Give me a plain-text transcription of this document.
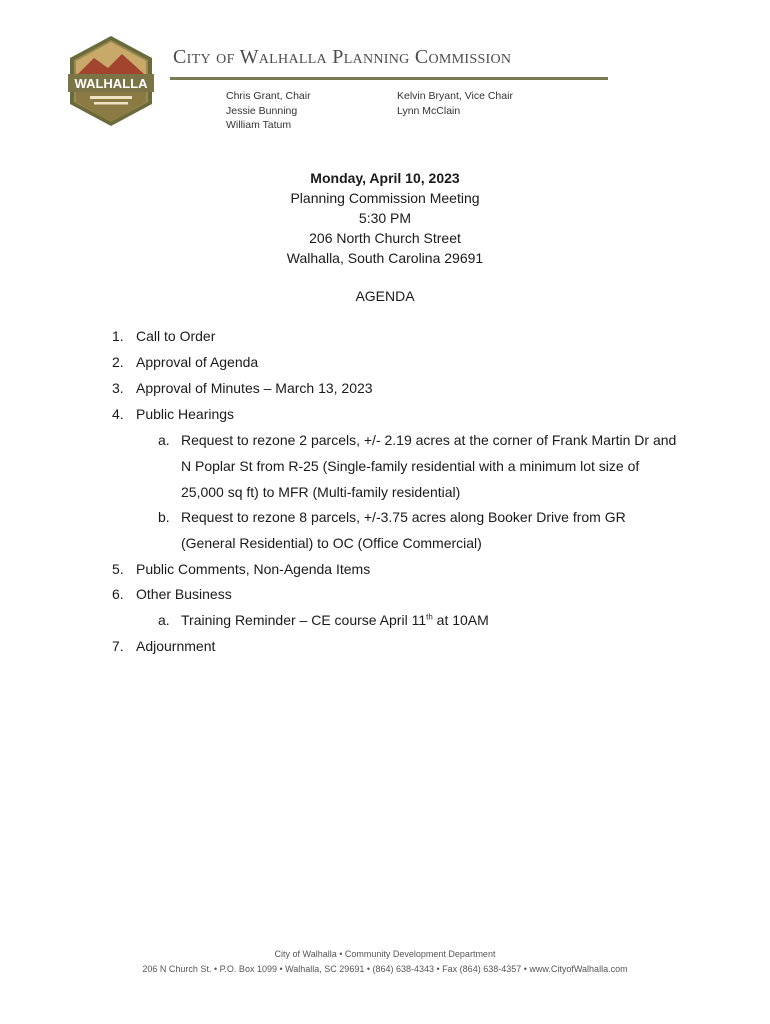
WALHALLA
City of Walhalla Planning Commission
Chris Grant, Chair
Jessie Bunning
William Tatum
Kelvin Bryant, Vice Chair
Lynn McClain
Monday, April 10, 2023
Planning Commission Meeting
5:30 PM
206 North Church Street
Walhalla, South Carolina 29691
AGENDA
1. Call to Order
2. Approval of Agenda
3. Approval of Minutes – March 13, 2023
4. Public Hearings
a. Request to rezone 2 parcels, +/- 2.19 acres at the corner of Frank Martin Dr and
N Poplar St from R-25 (Single-family residential with a minimum lot size of
25,000 sq ft) to MFR (Multi-family residential)
b. Request to rezone 8 parcels, +/-3.75 acres along Booker Drive from GR
(General Residential) to OC (Office Commercial)
5. Public Comments, Non-Agenda Items
6. Other Business
a. Training Reminder – CE course April 11th at 10AM
7. Adjournment
City of Walhalla • Community Development Department
206 N Church St. • P.O. Box 1099 • Walhalla, SC 29691 • (864) 638-4343 • Fax (864) 638-4357 • www.CityofWalhalla.com
